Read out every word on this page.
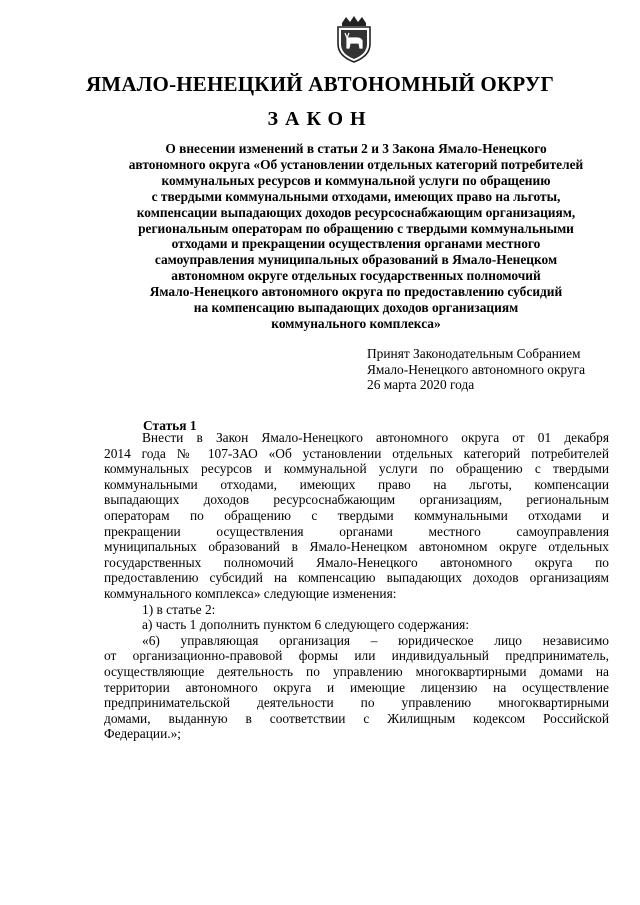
ЯМАЛО-НЕНЕЦКИЙ АВТОНОМНЫЙ ОКРУГ
ЗАКОН
О внесении изменений в статьи 2 и 3 Закона Ямало-Ненецкого
автономного округа «Об установлении отдельных категорий потребителей
коммунальных ресурсов и коммунальной услуги по обращению
с твердыми коммунальными отходами, имеющих право на льготы,
компенсации выпадающих доходов ресурсоснабжающим организациям,
региональным операторам по обращению с твердыми коммунальными
отходами и прекращении осуществления органами местного
самоуправления муниципальных образований в Ямало-Ненецком
автономном округе отдельных государственных полномочий
Ямало-Ненецкого автономного округа по предоставлению субсидий
на компенсацию выпадающих доходов организациям
коммунального комплекса»
Принят Законодательным Собранием
Ямало-Ненецкого автономного округа
26 марта 2020 года
Статья 1
Внести в Закон Ямало-Ненецкого автономного округа от 01 декабря
2014 года № 107-ЗАО «Об установлении отдельных категорий потребителей
коммунальных ресурсов и коммунальной услуги по обращению с твердыми
коммунальными отходами, имеющих право на льготы, компенсации
выпадающих доходов ресурсоснабжающим организациям, региональным
операторам по обращению с твердыми коммунальными отходами и
прекращении осуществления органами местного самоуправления
муниципальных образований в Ямало-Ненецком автономном округе отдельных
государственных полномочий Ямало-Ненецкого автономного округа по
предоставлению субсидий на компенсацию выпадающих доходов организациям
коммунального комплекса» следующие изменения:
1) в статье 2:
а) часть 1 дополнить пунктом 6 следующего содержания:
«6) управляющая организация – юридическое лицо независимо
от организационно-правовой формы или индивидуальный предприниматель,
осуществляющие деятельность по управлению многоквартирными домами на
территории автономного округа и имеющие лицензию на осуществление
предпринимательской деятельности по управлению многоквартирными
домами, выданную в соответствии с Жилищным кодексом Российской
Федерации.»;
